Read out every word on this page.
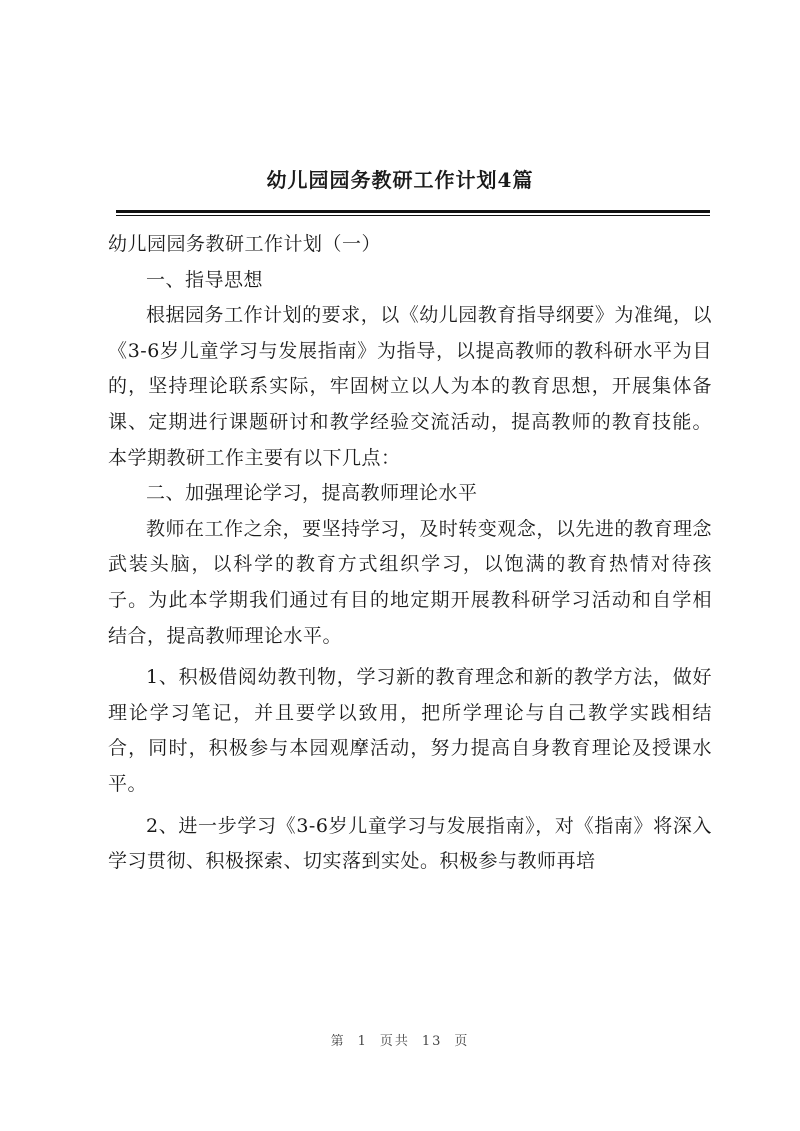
幼儿园园务教研工作计划4篇

幼儿园园务教研工作计划（一）

一、指导思想

根据园务工作计划的要求，以《幼儿园教育指导纲要》为准绳，以《3-6岁儿童学习与发展指南》为指导，以提高教师的教科研水平为目的，坚持理论联系实际，牢固树立以人为本的教育思想，开展集体备课、定期进行课题研讨和教学经验交流活动，提高教师的教育技能。本学期教研工作主要有以下几点：

二、加强理论学习，提高教师理论水平

教师在工作之余，要坚持学习，及时转变观念，以先进的教育理念武装头脑，以科学的教育方式组织学习，以饱满的教育热情对待孩子。为此本学期我们通过有目的地定期开展教科研学习活动和自学相结合，提高教师理论水平。

1、积极借阅幼教刊物，学习新的教育理念和新的教学方法，做好理论学习笔记，并且要学以致用，把所学理论与自己教学实践相结合，同时，积极参与本园观摩活动，努力提高自身教育理论及授课水平。

2、进一步学习《3-6岁儿童学习与发展指南》，对《指南》将深入学习贯彻、积极探索、切实落到实处。积极参与教师再培

第 1 页共 13 页
